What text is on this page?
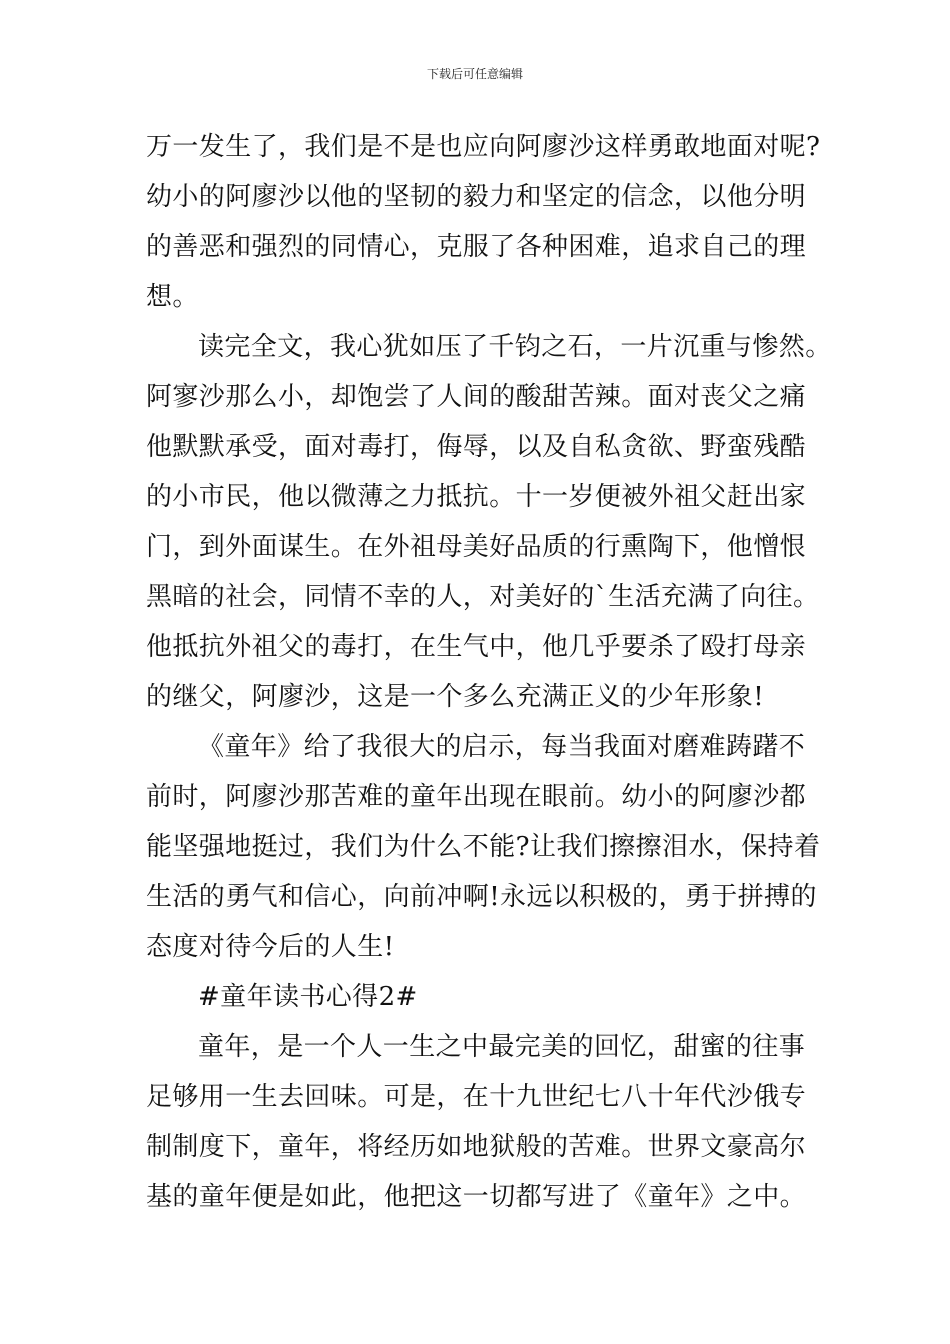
下载后可任意编辑
万一发生了，我们是不是也应向阿廖沙这样勇敢地面对呢?
幼小的阿廖沙以他的坚韧的毅力和坚定的信念，以他分明
的善恶和强烈的同情心，克服了各种困难，追求自己的理
想。
读完全文，我心犹如压了千钧之石，一片沉重与惨然。
阿寥沙那么小，却饱尝了人间的酸甜苦辣。面对丧父之痛
他默默承受，面对毒打，侮辱，以及自私贪欲、野蛮残酷
的小市民，他以微薄之力抵抗。十一岁便被外祖父赶出家
门，到外面谋生。在外祖母美好品质的行熏陶下，他憎恨
黑暗的社会，同情不幸的人，对美好的`生活充满了向往。
他抵抗外祖父的毒打，在生气中，他几乎要杀了殴打母亲
的继父，阿廖沙，这是一个多么充满正义的少年形象!
《童年》给了我很大的启示，每当我面对磨难踌躇不
前时，阿廖沙那苦难的童年出现在眼前。幼小的阿廖沙都
能坚强地挺过，我们为什么不能?让我们擦擦泪水，保持着
生活的勇气和信心，向前冲啊!永远以积极的，勇于拼搏的
态度对待今后的人生!
#童年读书心得2#
童年，是一个人一生之中最完美的回忆，甜蜜的往事
足够用一生去回味。可是，在十九世纪七八十年代沙俄专
制制度下，童年，将经历如地狱般的苦难。世界文豪高尔
基的童年便是如此，他把这一切都写进了《童年》之中。
